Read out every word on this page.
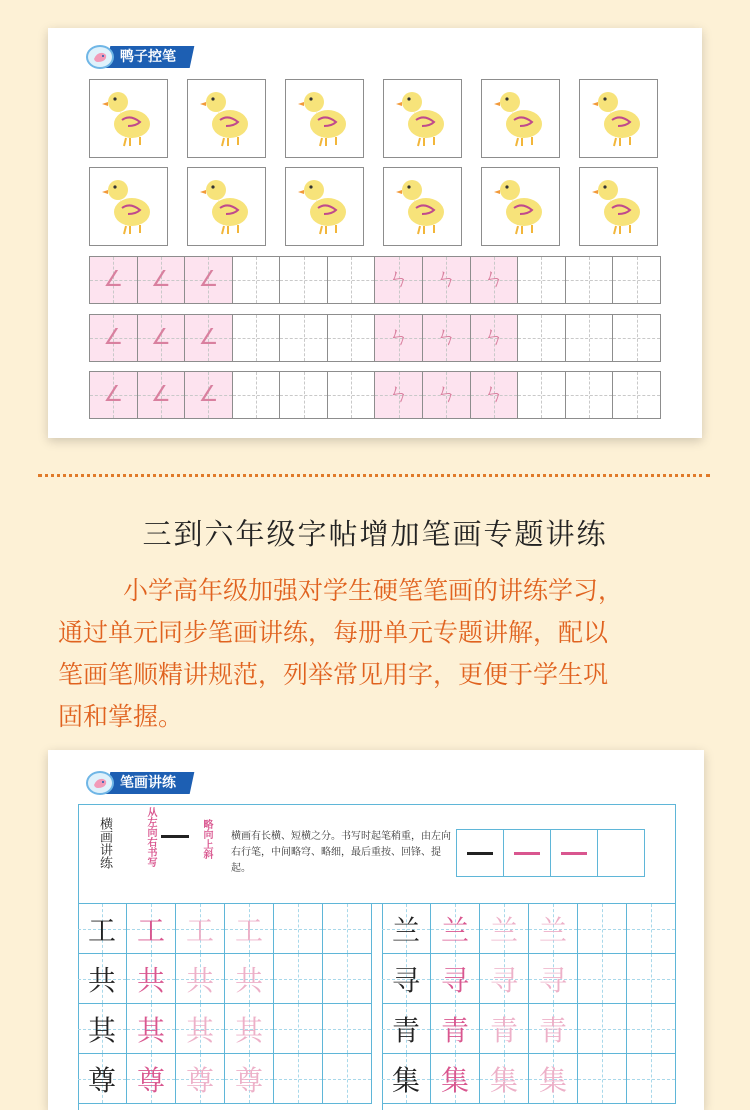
鸭子控笔
∠ ∠ ∠	ㄣ ㄣ ㄣ
∠ ∠ ∠	ㄣ ㄣ ㄣ
∠ ∠ ∠	ㄣ ㄣ ㄣ
三到六年级字帖增加笔画专题讲练

小学高年级加强对学生硬笔笔画的讲练学习，

通过单元同步笔画讲练，每册单元专题讲解，配以

笔画笔顺精讲规范，列举常见用字，更便于学生巩

固和掌握。

笔画讲练
横画讲练	从左向右书写	略向上斜 横画有长横、短横之分。书写时起笔稍重，由左向右行笔，中间略穹、略细，最后重按、回锋、提起。
工 工 工 工
共 共 共 共
其 其 其 其
尊 尊 尊 尊
兰 兰 兰 兰
寻 寻 寻 寻
青 青 青 青
集 集 集 集
